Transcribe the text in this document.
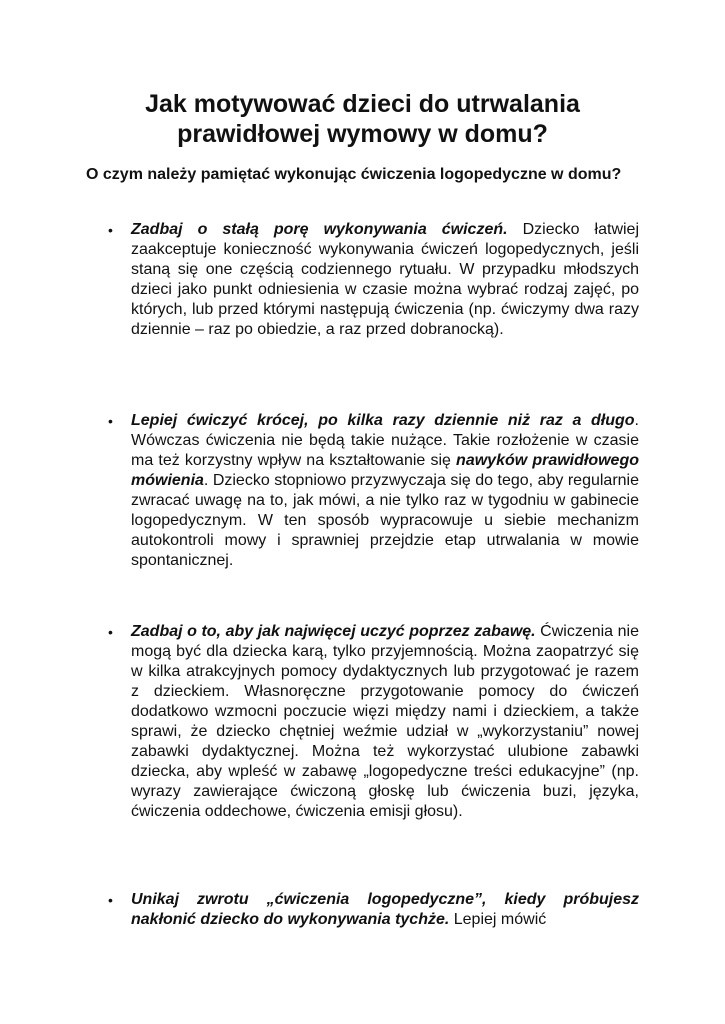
Jak motywować dzieci do utrwalania prawidłowej wymowy w domu?

O czym należy pamiętać wykonując ćwiczenia logopedyczne w domu?

• Zadbaj o stałą porę wykonywania ćwiczeń. Dziecko łatwiej zaakceptuje konieczność wykonywania ćwiczeń logopedycznych, jeśli staną się one częścią codziennego rytuału. W przypadku młodszych dzieci jako punkt odniesienia w czasie można wybrać rodzaj zajęć, po których, lub przed którymi następują ćwiczenia (np. ćwiczymy dwa razy dziennie – raz po obiedzie, a raz przed dobranocką).

• Lepiej ćwiczyć krócej, po kilka razy dziennie niż raz a długo. Wówczas ćwiczenia nie będą takie nużące. Takie rozłożenie w czasie ma też korzystny wpływ na kształtowanie się nawyków prawidłowego mówienia. Dziecko stopniowo przyzwyczaja się do tego, aby regularnie zwracać uwagę na to, jak mówi, a nie tylko raz w tygodniu w gabinecie logopedycznym. W ten sposób wypracowuje u siebie mechanizm autokontroli mowy i sprawniej przejdzie etap utrwalania w mowie spontanicznej.

• Zadbaj o to, aby jak najwięcej uczyć poprzez zabawę. Ćwiczenia nie mogą być dla dziecka karą, tylko przyjemnością. Można zaopatrzyć się w kilka atrakcyjnych pomocy dydaktycznych lub przygotować je razem z dzieckiem. Własnoręczne przygotowanie pomocy do ćwiczeń dodatkowo wzmocni poczucie więzi między nami i dzieckiem, a także sprawi, że dziecko chętniej weźmie udział w „wykorzystaniu” nowej zabawki dydaktycznej. Można też wykorzystać ulubione zabawki dziecka, aby wpleść w zabawę „logopedyczne treści edukacyjne” (np. wyrazy zawierające ćwiczoną głoskę lub ćwiczenia buzi, języka, ćwiczenia oddechowe, ćwiczenia emisji głosu).

• Unikaj zwrotu „ćwiczenia logopedyczne”, kiedy próbujesz nakłonić dziecko do wykonywania tychże. Lepiej mówić
